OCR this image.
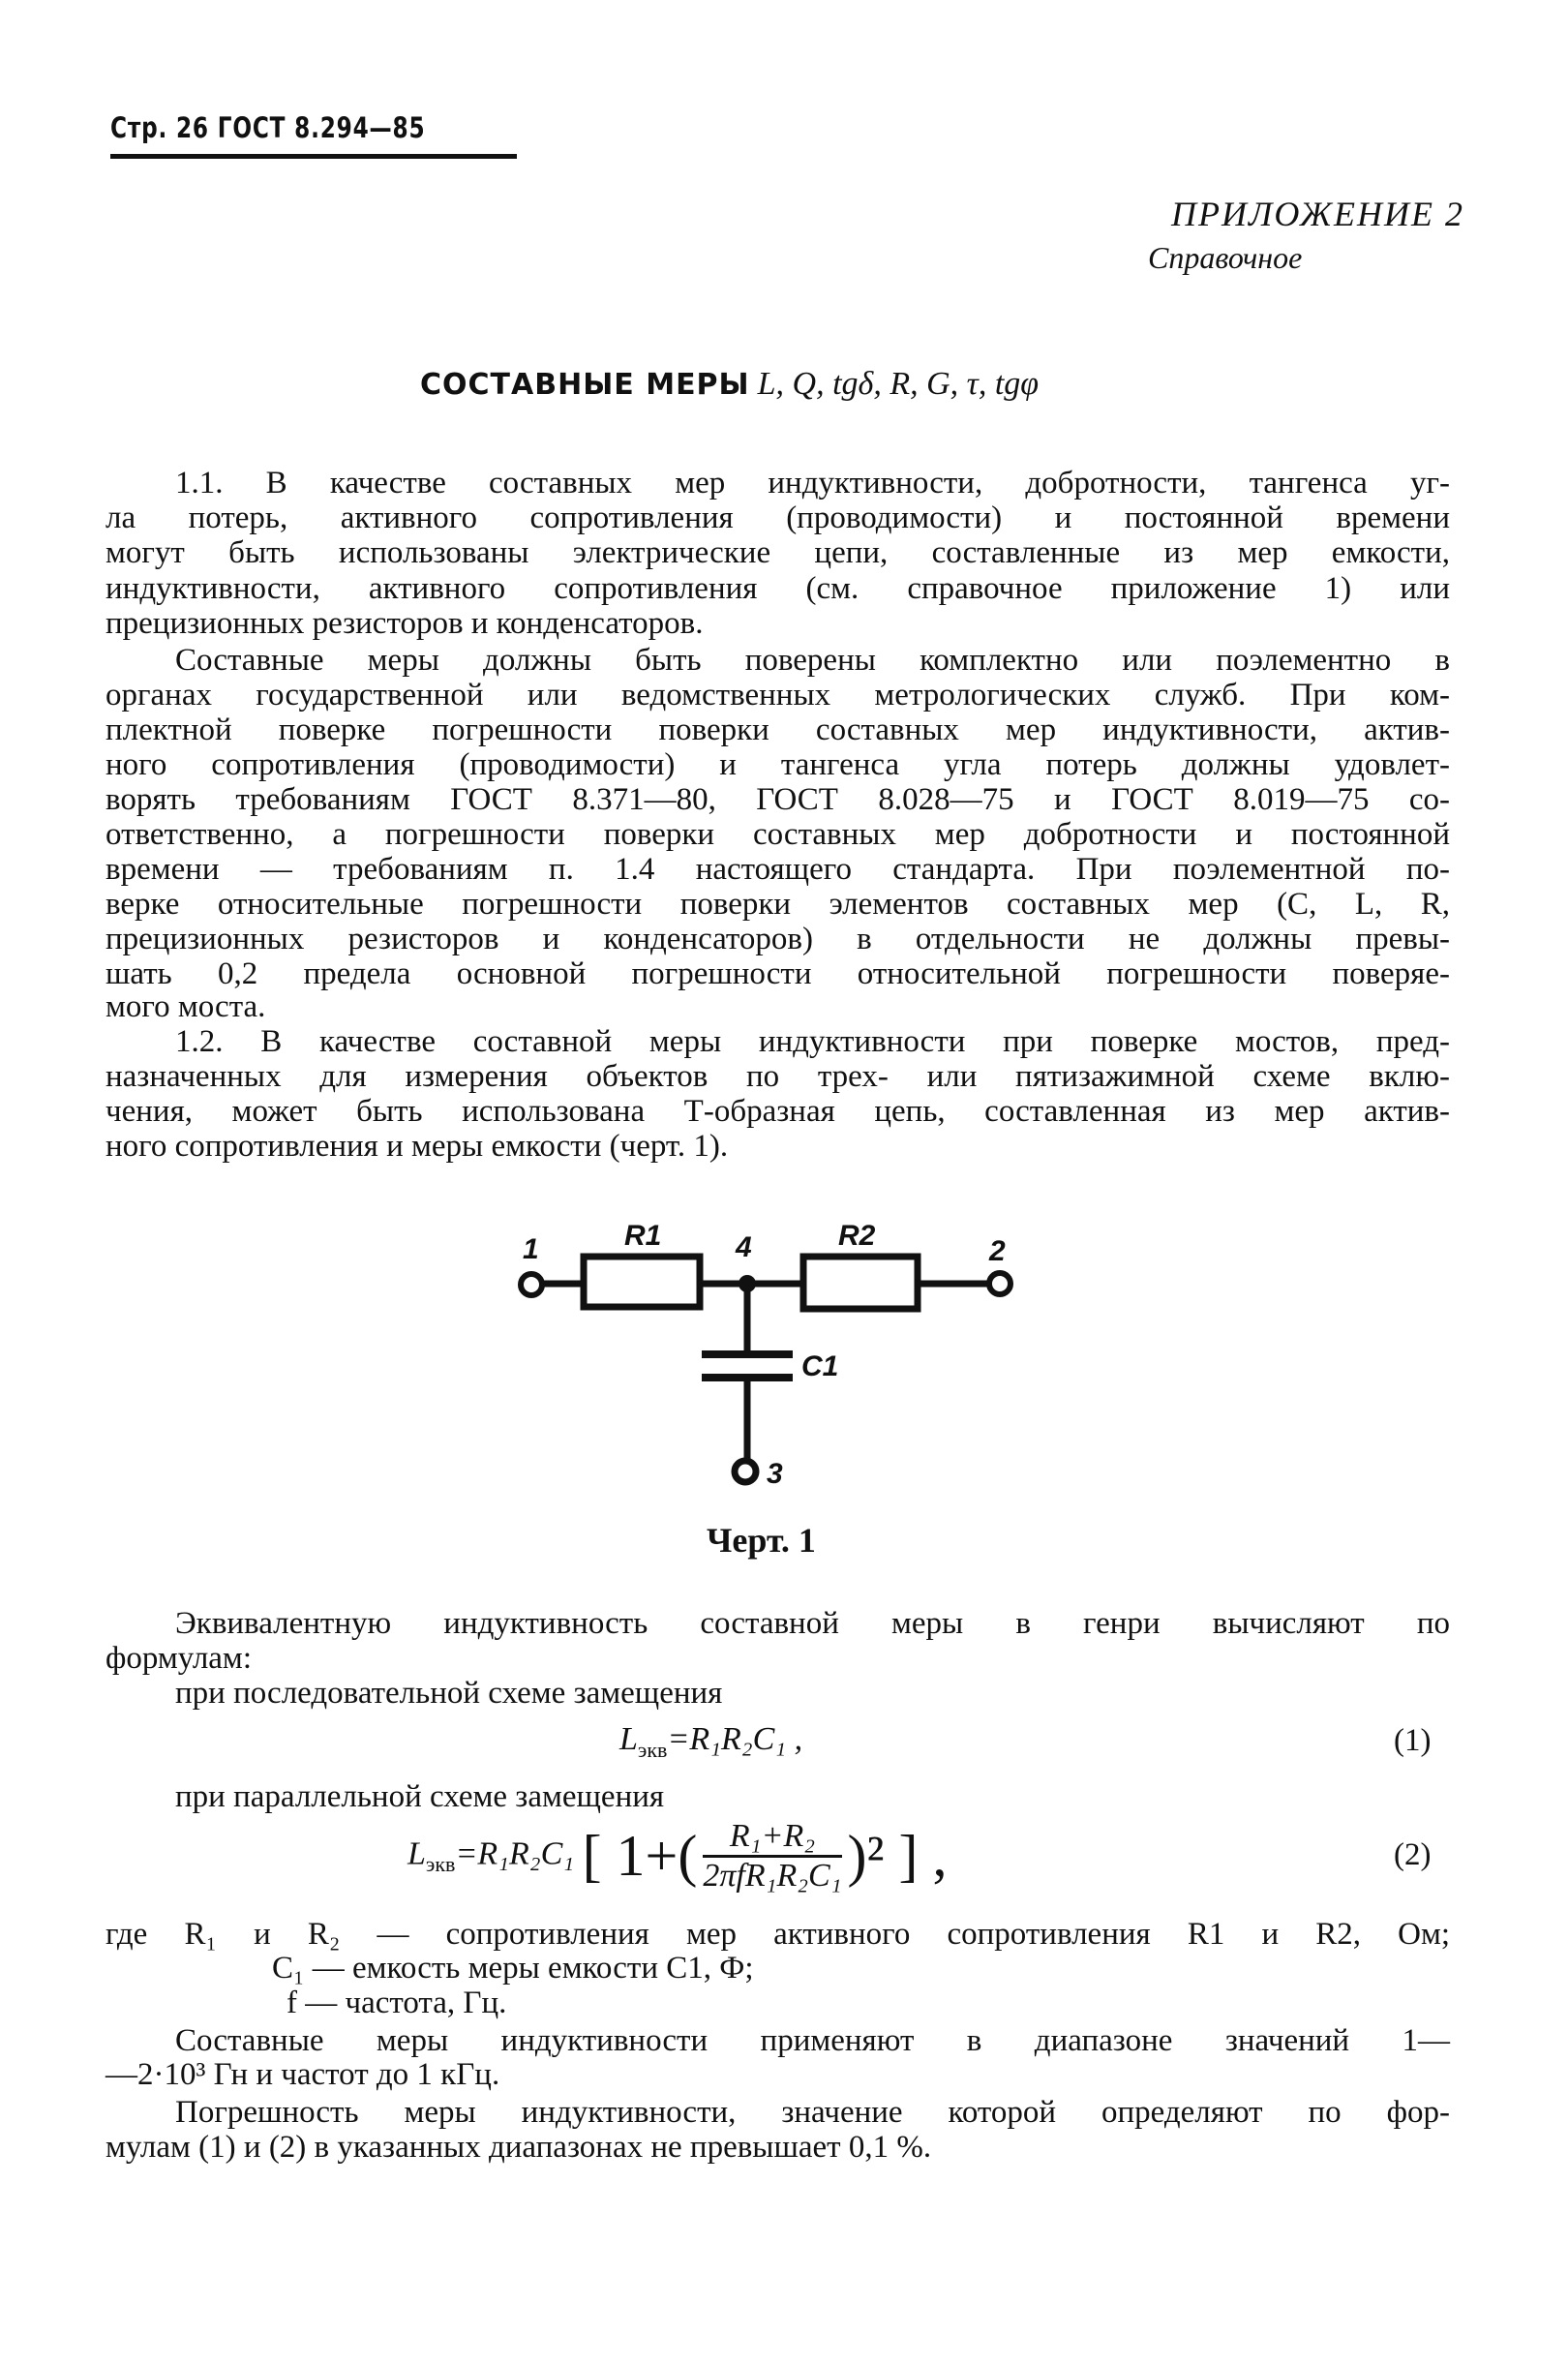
Стр. 26 ГОСТ 8.294—85
ПРИЛОЖЕНИЕ 2
Справочное
СОСТАВНЫЕ МЕРЫ L, Q, tgδ, R, G, τ, tgφ
1.1. В качестве составных мер индуктивности, добротности, тангенса уг-
ла потерь, активного сопротивления (проводимости) и постоянной времени
могут быть использованы электрические цепи, составленные из мер емкости,
индуктивности, активного сопротивления (см. справочное приложение 1) или
прецизионных резисторов и конденсаторов.
Составные меры должны быть поверены комплектно или поэлементно в
органах государственной или ведомственных метрологических служб. При ком-
плектной поверке погрешности поверки составных мер индуктивности, актив-
ного сопротивления (проводимости) и тангенса угла потерь должны удовлет-
ворять требованиям ГОСТ 8.371—80, ГОСТ 8.028—75 и ГОСТ 8.019—75 со-
ответственно, а погрешности поверки составных мер добротности и постоянной
времени — требованиям п. 1.4 настоящего стандарта. При поэлементной по-
верке относительные погрешности поверки элементов составных мер (C, L, R,
прецизионных резисторов и конденсаторов) в отдельности не должны превы-
шать 0,2 предела основной погрешности относительной погрешности поверяе-
мого моста.
1.2. В качестве составной меры индуктивности при поверке мостов, пред-
назначенных для измерения объектов по трех- или пятизажимной схеме вклю-
чения, может быть использована Т-образная цепь, составленная из мер актив-
ного сопротивления и меры емкости (черт. 1).
1	2
3
4
R1	R2
C1
Черт. 1
Эквивалентную индуктивность составной меры в генри вычисляют по
формулам:
при последовательной схеме замещения
$L_{экв}=R_1R_2C_1$ ,	(1)
при параллельной схеме замещения
$L_{экв}=R_1R_2C_1$ [ $1+( \frac{\text{R₁+R₂}}{\text{2πfR₁R₂C₁}} )^2$ ] ,	(2)
где R₁ и R₂ — сопротивления мер активного сопротивления R1 и R2, Ом;
C₁ — емкость меры емкости C1, Ф;
f — частота, Гц.
Составные меры индуктивности применяют в диапазоне значений 1—
—2·10³ Гн и частот до 1 кГц.
Погрешность меры индуктивности, значение которой определяют по фор-
мулам (1) и (2) в указанных диапазонах не превышает 0,1 %.
